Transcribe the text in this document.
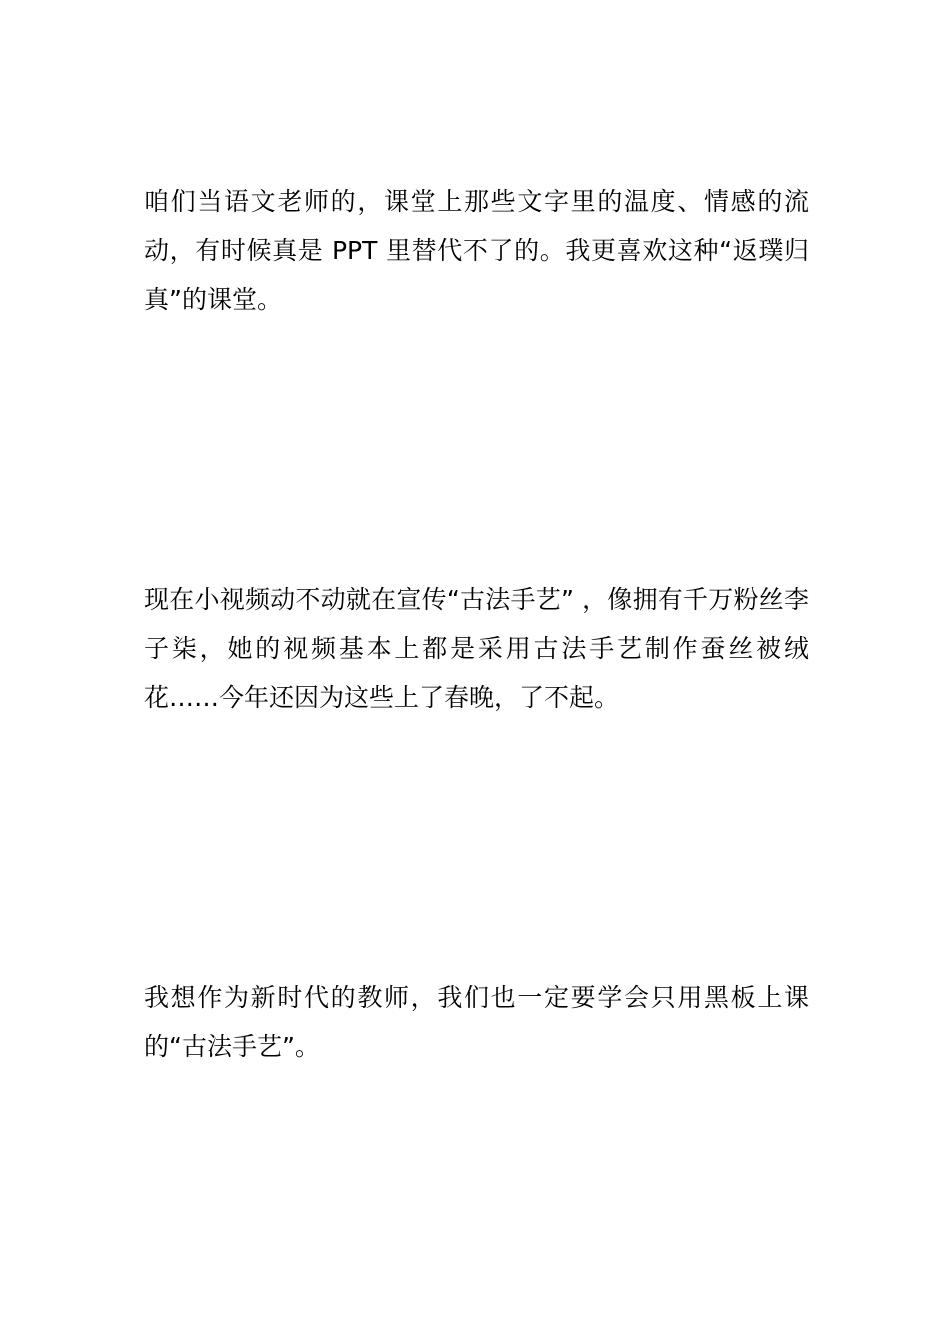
咱们当语文老师的，课堂上那些文字里的温度、情感的流动，有时候真是 PPT 里替代不了的。我更喜欢这种“返璞归真”的课堂。

现在小视频动不动就在宣传“古法手艺” ，像拥有千万粉丝李子柒，她的视频基本上都是采用古法手艺制作蚕丝被绒花……今年还因为这些上了春晚，了不起。

我想作为新时代的教师，我们也一定要学会只用黑板上课的“古法手艺”。
